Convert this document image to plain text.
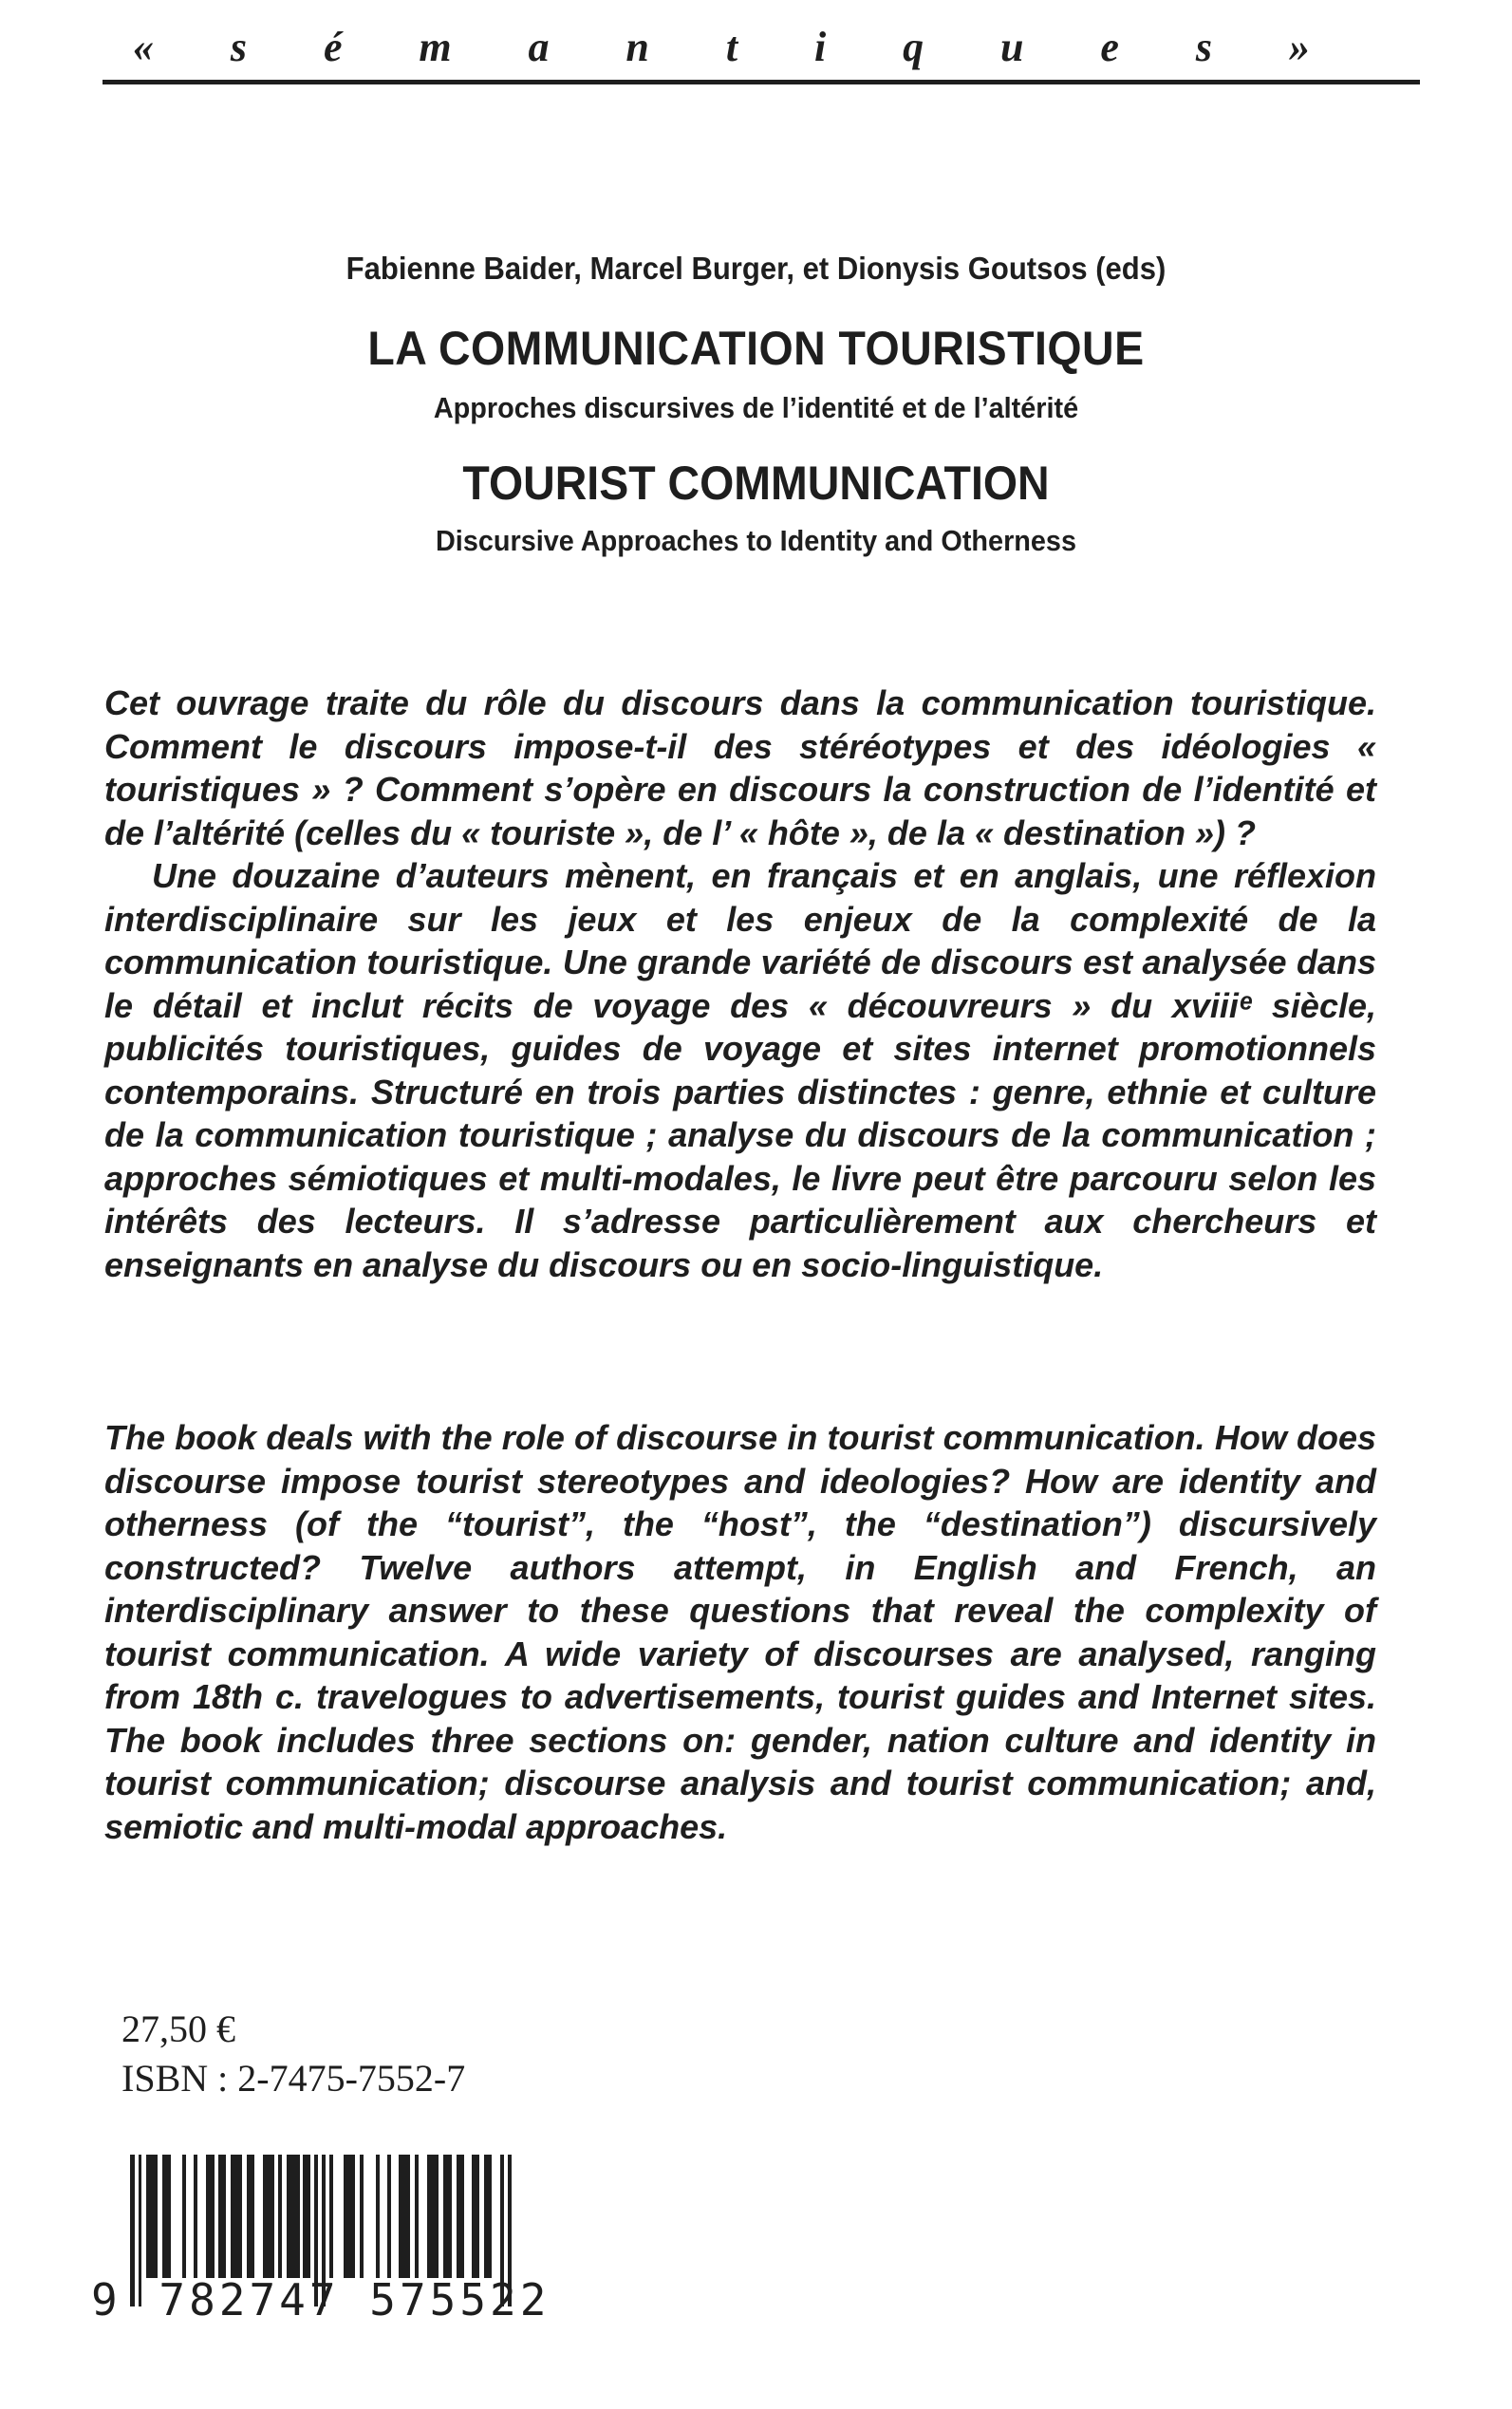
« s é m a n t i q u e s »
Fabienne Baider, Marcel Burger, et Dionysis Goutsos (eds)
LA COMMUNICATION TOURISTIQUE
Approches discursives de l’identité et de l’altérité
TOURIST COMMUNICATION
Discursive Approaches to Identity and Otherness

Cet ouvrage traite du rôle du discours dans la communication touristique. Comment le discours impose-t-il des stéréotypes et des idéologies « touristiques » ? Comment s’opère en discours la construction de l’identité et de l’altérité (celles du « touriste », de l’ « hôte », de la « destination ») ?

Une douzaine d’auteurs mènent, en français et en anglais, une réflexion interdisciplinaire sur les jeux et les enjeux de la complexité de la communication touristique. Une grande variété de discours est analysée dans le détail et inclut récits de voyage des « découvreurs » du xviiiᵉ siècle, publicités touristiques, guides de voyage et sites internet promotionnels contemporains. Structuré en trois parties distinctes : genre, ethnie et culture de la communication touristique ; analyse du discours de la communication ; approches sémiotiques et multi-modales, le livre peut être parcouru selon les intérêts des lecteurs. Il s’adresse particulièrement aux chercheurs et enseignants en analyse du discours ou en socio-linguistique.

The book deals with the role of discourse in tourist communication. How does discourse impose tourist stereotypes and ideologies? How are identity and otherness (of the “tourist”, the “host”, the “destination”) discursively constructed? Twelve authors attempt, in English and French, an interdisciplinary answer to these questions that reveal the complexity of tourist communication. A wide variety of discourses are analysed, ranging from 18th c. travelogues to advertisements, tourist guides and Internet sites. The book includes three sections on: gender, nation culture and identity in tourist communication; discourse analysis and tourist communication; and, semiotic and multi-modal approaches.

27,50 €
ISBN : 2-7475-7552-7
9 782747 575522
